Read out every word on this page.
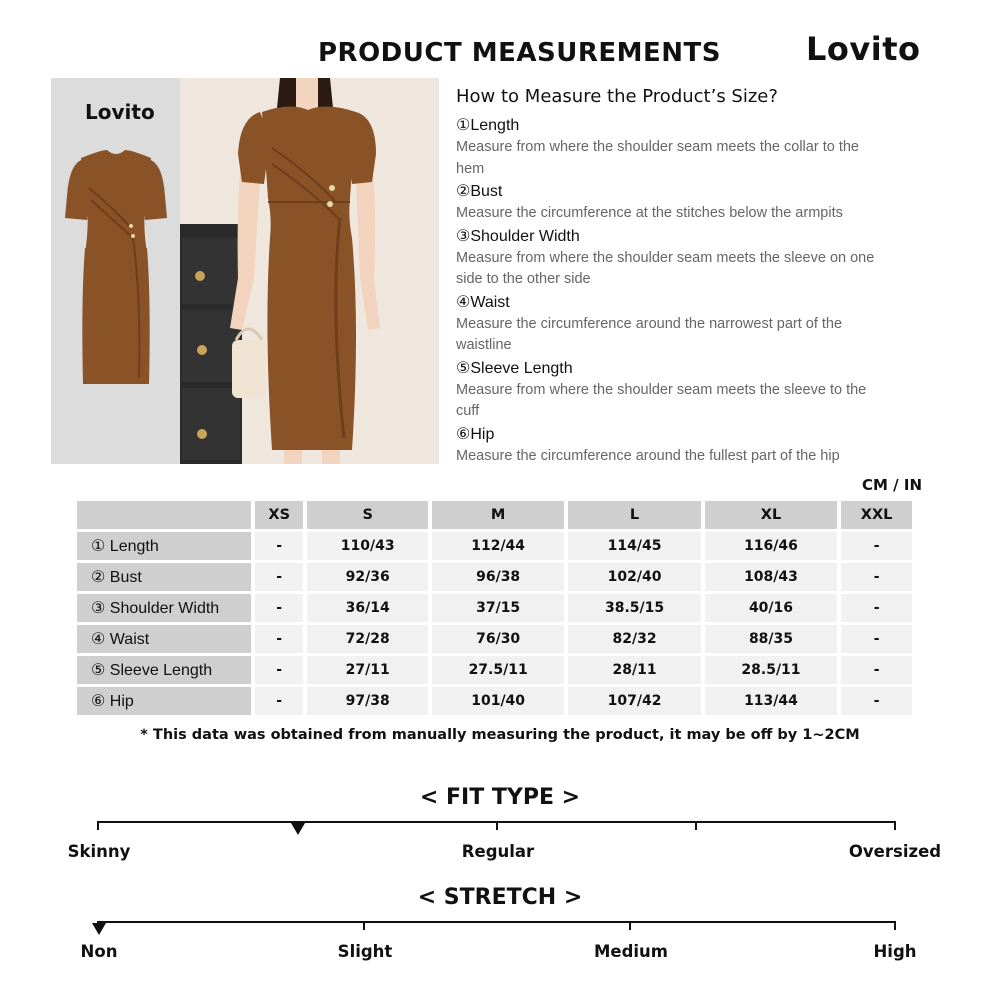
PRODUCT MEASUREMENTS	Lovito
Lovito
How to Measure the Product’s Size?
①Length
Measure from where the shoulder seam meets the collar to the hem
②Bust
Measure the circumference at the stitches below the armpits
③Shoulder Width
Measure from where the shoulder seam meets the sleeve on one side to the other side
④Waist
Measure the circumference around the narrowest part of the waistline
⑤Sleeve Length
Measure from where the shoulder seam meets the sleeve to the cuff
⑥Hip
Measure the circumference around the fullest part of the hip
CM / IN
	XS	S	M	L	XL	XXL
① Length	-	110/43	112/44	114/45	116/46	-
② Bust	-	92/36	96/38	102/40	108/43	-
③ Shoulder Width	-	36/14	37/15	38.5/15	40/16	-
④ Waist	-	72/28	76/30	82/32	88/35	-
⑤ Sleeve Length	-	27/11	27.5/11	28/11	28.5/11	-
⑥ Hip	-	97/38	101/40	107/42	113/44	-
* This data was obtained from manually measuring the product, it may be off by 1~2CM
< FIT TYPE >
Skinny	Regular	Oversized
< STRETCH >
Non	Slight	Medium	High
